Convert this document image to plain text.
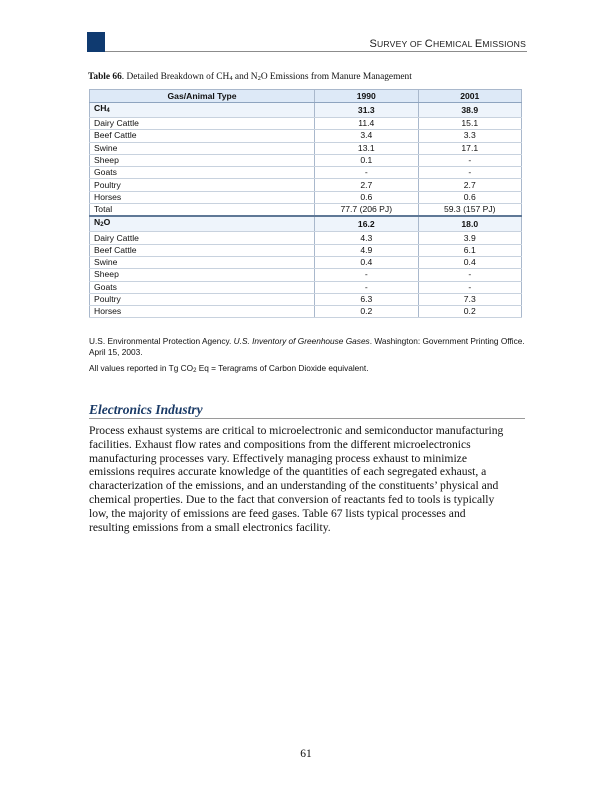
SURVEY OF CHEMICAL EMISSIONS
Table 66. Detailed Breakdown of $CH_4$ and $N_2O$ Emissions from Manure Management
Gas/Animal Type	1990	2001
$CH_4$	31.3	38.9
Dairy Cattle	11.4	15.1
Beef Cattle	3.4	3.3
Swine	13.1	17.1
Sheep	0.1	-
Goats	-	-
Poultry	2.7	2.7
Horses	0.6	0.6
Total	77.7 (206 PJ)	59.3 (157 PJ)
$N_2O$	16.2	18.0
Dairy Cattle	4.3	3.9
Beef Cattle	4.9	6.1
Swine	0.4	0.4
Sheep	-	-
Goats	-	-
Poultry	6.3	7.3
Horses	0.2	0.2
U.S. Environmental Protection Agency. U.S. Inventory of Greenhouse Gases. Washington: Government Printing Office. April 15, 2003.
All values reported in Tg $CO_2$ Eq = Teragrams of Carbon Dioxide equivalent.
Electronics Industry
Process exhaust systems are critical to microelectronic and semiconductor manufacturing
facilities. Exhaust flow rates and compositions from the different microelectronics
manufacturing processes vary. Effectively managing process exhaust to minimize
emissions requires accurate knowledge of the quantities of each segregated exhaust, a
characterization of the emissions, and an understanding of the constituents’ physical and
chemical properties. Due to the fact that conversion of reactants fed to tools is typically
low, the majority of emissions are feed gases. Table 67 lists typical processes and
resulting emissions from a small electronics facility.
61
